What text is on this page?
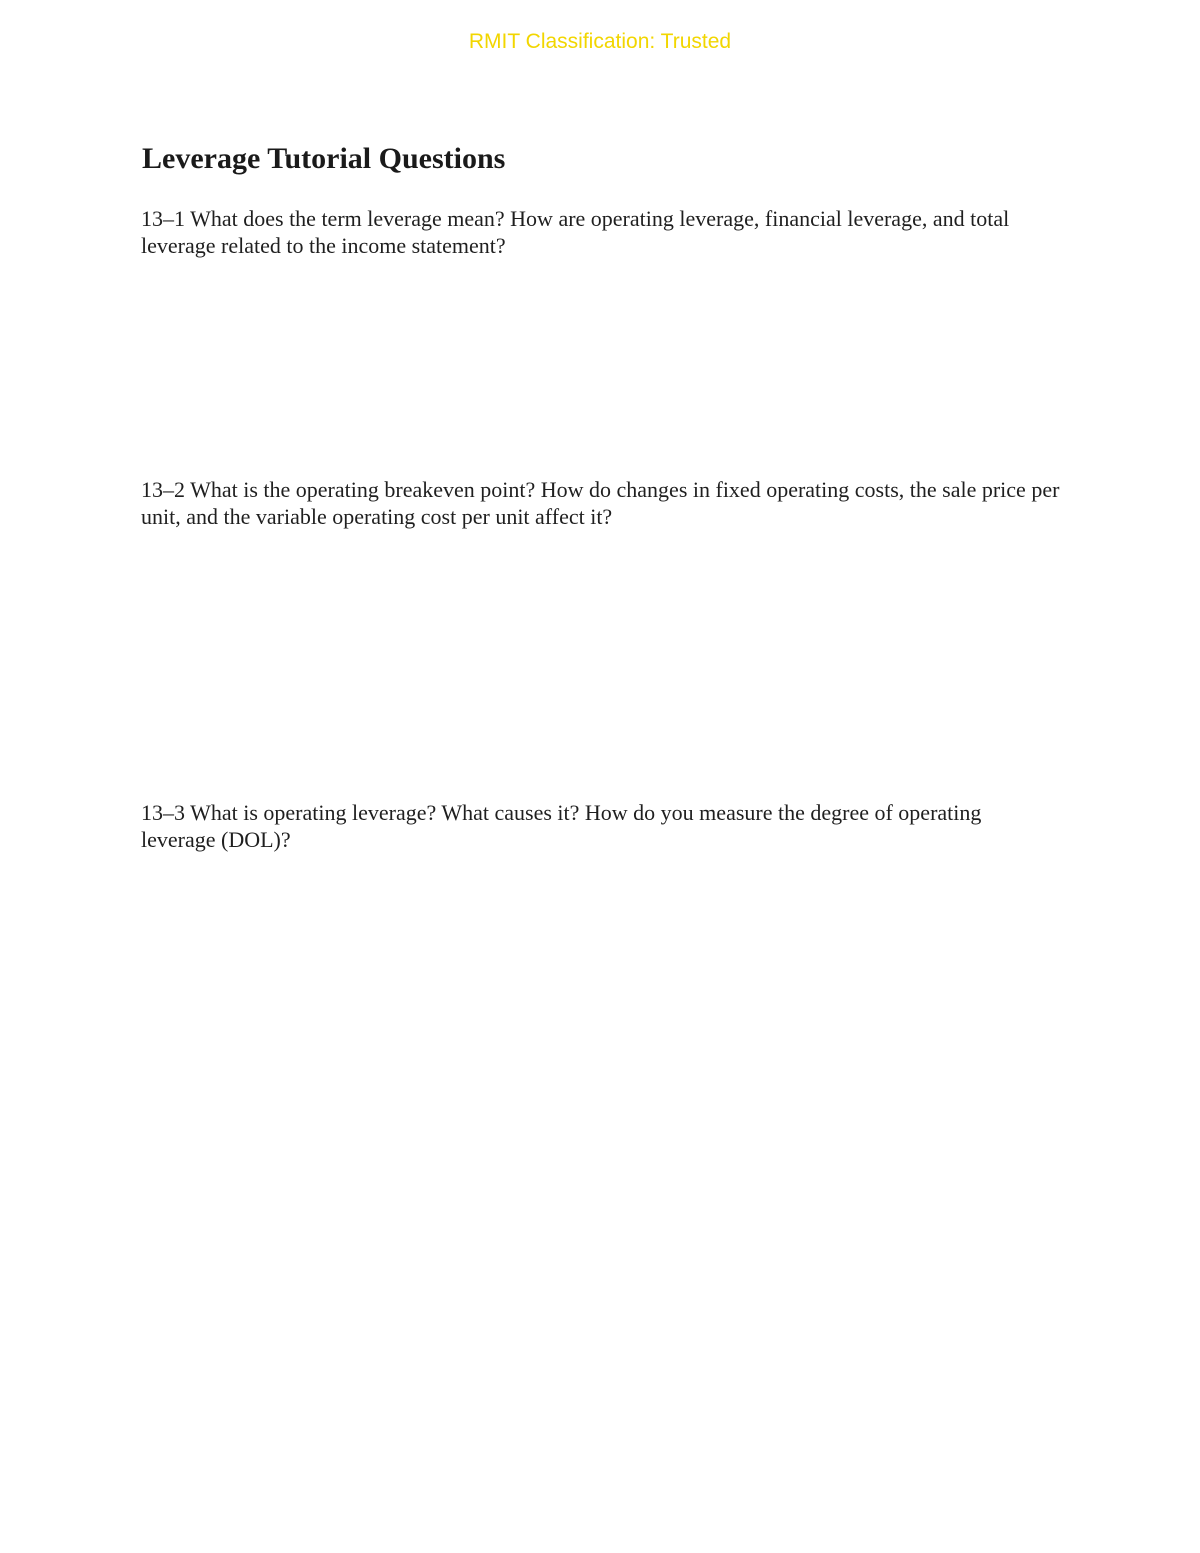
RMIT Classification: Trusted
Leverage Tutorial Questions

13–1 What does the term leverage mean? How are operating leverage, financial leverage, and total leverage related to the income statement?

13–2 What is the operating breakeven point? How do changes in fixed operating costs, the sale price per unit, and the variable operating cost per unit affect it?

13–3 What is operating leverage? What causes it? How do you measure the degree of operating leverage (DOL)?
